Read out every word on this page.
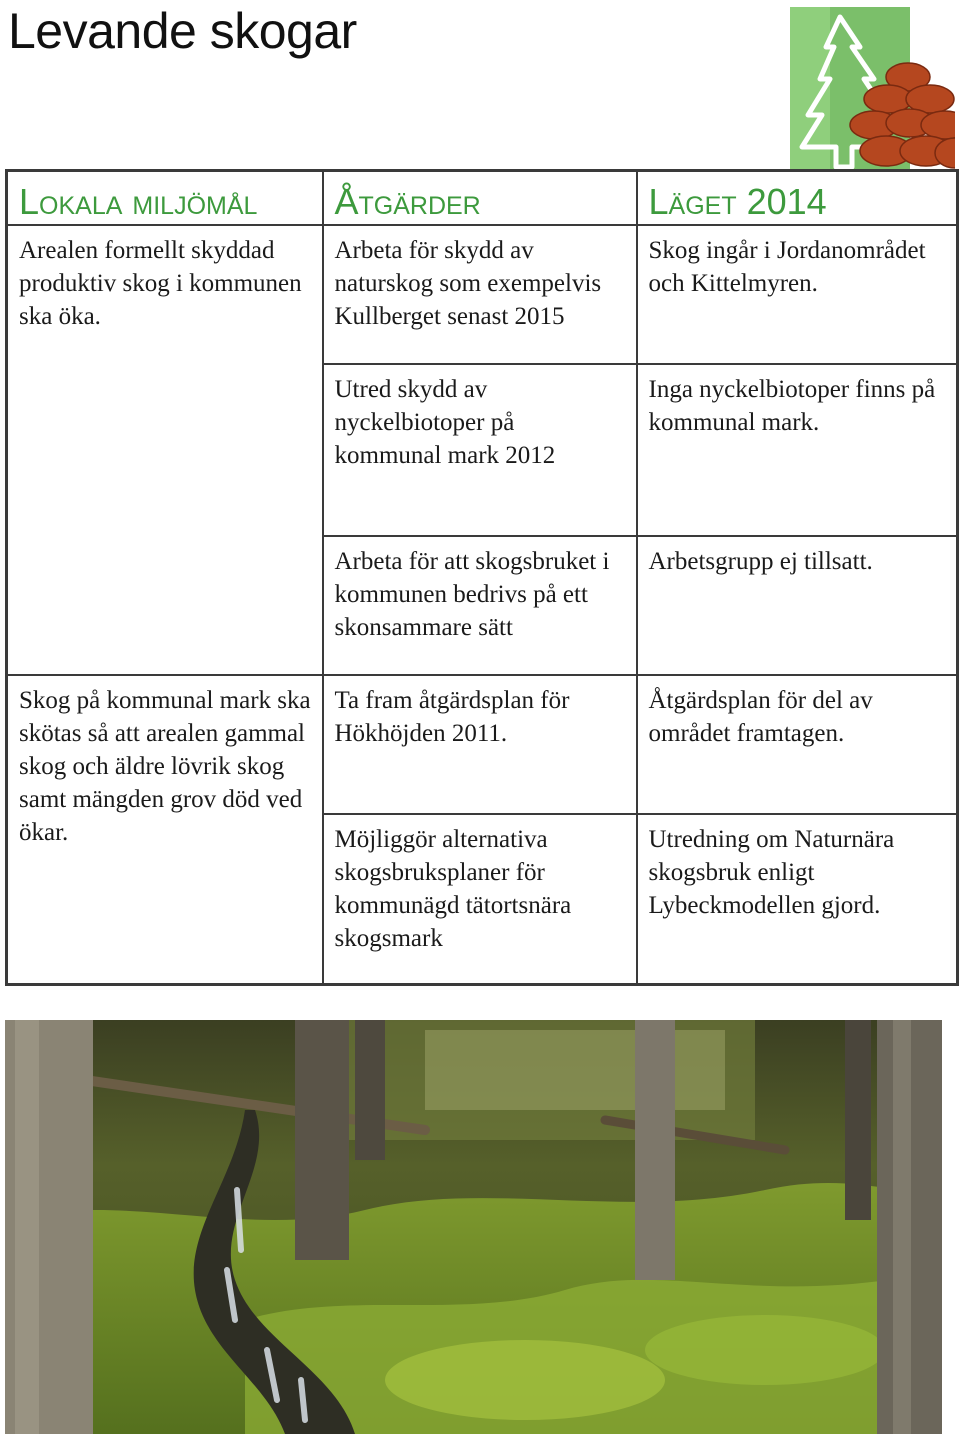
Levande skogar
Lokala miljömål	Åtgärder	Läget 2014
Arealen formellt skyddad produktiv skog i kommunen ska öka.	Arbeta för skydd av naturskog som exempelvis Kullberget senast 2015	Skog ingår i Jordanområdet och Kittelmyren.
	Utred skydd av nyckelbiotoper på kommunal mark 2012	Inga nyckelbiotoper finns på kommunal mark.
	Arbeta för att skogsbruket i kommunen bedrivs på ett skonsammare sätt	Arbetsgrupp ej tillsatt.
Skog på kommunal mark ska skötas så att arealen gammal skog och äldre lövrik skog samt mängden grov död ved ökar.	Ta fram åtgärdsplan för Hökhöjden 2011.	Åtgärdsplan för del av området framtagen.
	Möjliggör alternativa skogsbruksplaner för kommunägd tätortsnära skogsmark	Utredning om Naturnära skogsbruk enligt Lybeckmodellen gjord.
